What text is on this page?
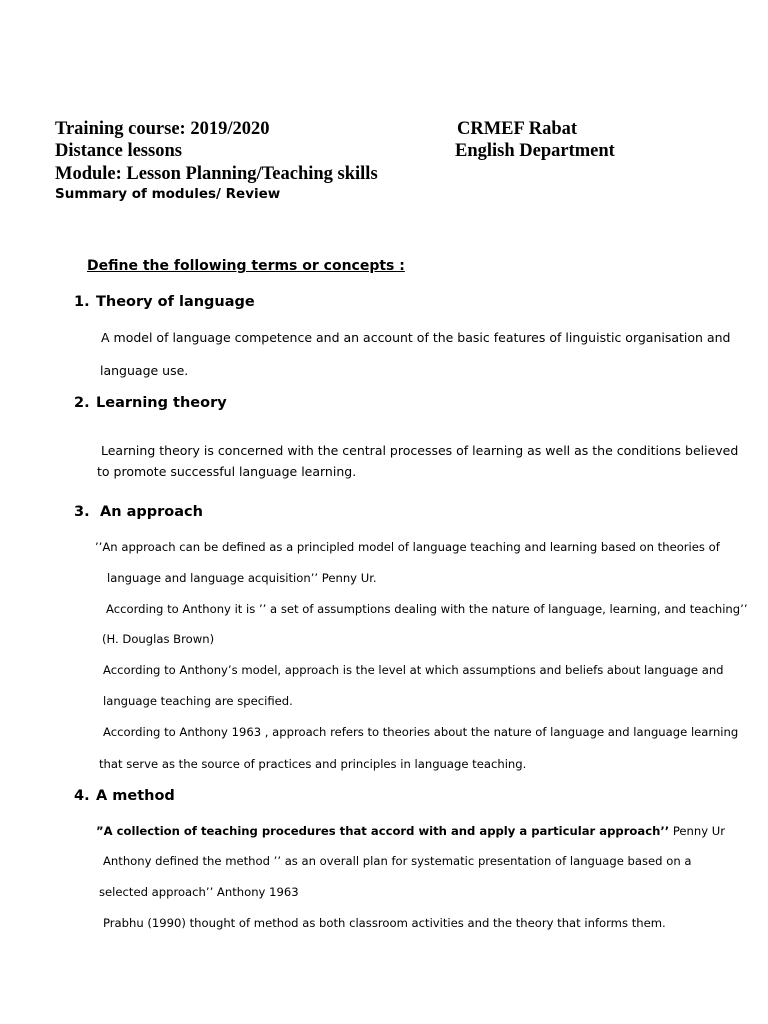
Training course: 2019/2020	CRMEF Rabat
Distance lessons	English Department
Module: Lesson Planning/Teaching skills
Summary of modules/ Review
Define the following terms or concepts :
1. Theory of language
A model of language competence and an account of the basic features of linguistic organisation and
language use.
2. Learning theory
Learning theory is concerned with the central processes of learning as well as the conditions believed
to promote successful language learning.
3. An approach
’’An approach can be defined as a principled model of language teaching and learning based on theories of
language and language acquisition’’ Penny Ur.
According to Anthony it is ’’ a set of assumptions dealing with the nature of language, learning, and teaching’’
(H. Douglas Brown)
According to Anthony’s model, approach is the level at which assumptions and beliefs about language and
language teaching are specified.
According to Anthony 1963 , approach refers to theories about the nature of language and language learning
that serve as the source of practices and principles in language teaching.
4. A method
”A collection of teaching procedures that accord with and apply a particular approach’’ Penny Ur
Anthony defined the method ’’ as an overall plan for systematic presentation of language based on a
selected approach’’ Anthony 1963
Prabhu (1990) thought of method as both classroom activities and the theory that informs them.
